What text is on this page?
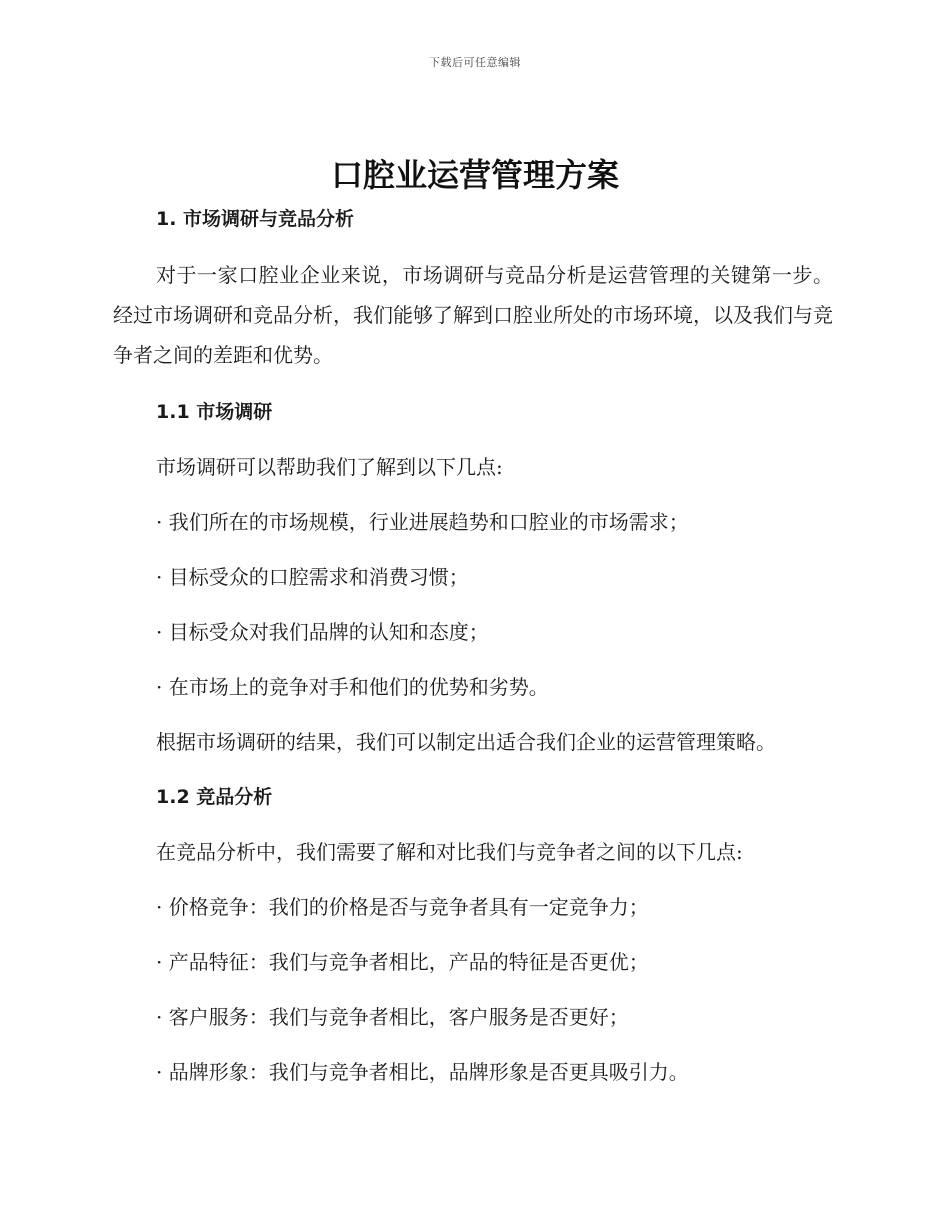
下载后可任意编辑
口腔业运营管理方案

1. 市场调研与竞品分析

对于一家口腔业企业来说，市场调研与竞品分析是运营管理的关键第一步。经过市场调研和竞品分析，我们能够了解到口腔业所处的市场环境，以及我们与竞争者之间的差距和优势。

1.1 市场调研

市场调研可以帮助我们了解到以下几点:

· 我们所在的市场规模，行业进展趋势和口腔业的市场需求；

· 目标受众的口腔需求和消费习惯；

· 目标受众对我们品牌的认知和态度；

· 在市场上的竞争对手和他们的优势和劣势。

根据市场调研的结果，我们可以制定出适合我们企业的运营管理策略。

1.2 竞品分析

在竞品分析中，我们需要了解和对比我们与竞争者之间的以下几点:

· 价格竞争：我们的价格是否与竞争者具有一定竞争力；

· 产品特征：我们与竞争者相比，产品的特征是否更优；

· 客户服务：我们与竞争者相比，客户服务是否更好；

· 品牌形象：我们与竞争者相比，品牌形象是否更具吸引力。
